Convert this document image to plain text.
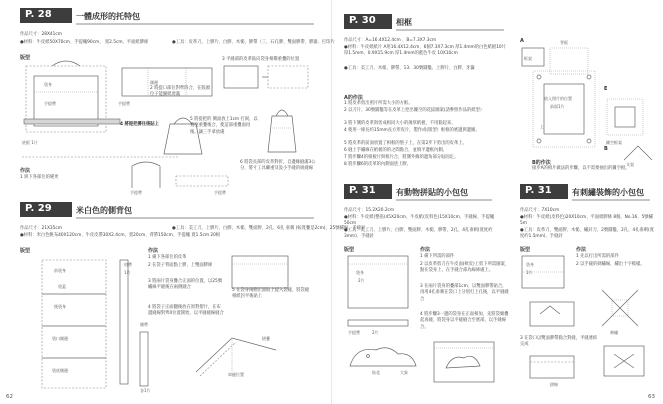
P. 28	一體成形的托特包
作品尺寸：28X41cm
●材料：牛皮紙50X70cm、手提繩90cm、 寬2.5cm、平面紙膠條	●工具：皮革刀、上膠片、白膠、木槌、膠帶（三、石孔膠、雙面膠帶、膠器、打印片
版型
袋身
手提帶
側邊
手提帶
底板 1片
4 將提把撐住後貼上
5 將提把的 側面放上1cm 打洞，以寬度重疊後合，使這部重疊面再後，讓三手拿放處
作法
1 與下各部位的變更
2 將提口部位對準四合，在版頭位子能圖紙剪滿
3 平縫部的皮革貼向袋身相鄰重疊的位置
手提帶
6 將袋長部的皮革對折，自邊緣縫滿3公分，將寸工具繼重及設小手縫的組縫線
手提帶
P. 29	米白色的側背包
作品尺寸：21X35cm
●材料：米白色帆布40X120cm、牛皮皮帶30X2.4cm、寬20cm、背帶150cm、手提繩 寬1.5cm 20根
●工具：美工刀、上膠片、白膠、木槌、雙面膠、2孔、6孔 垂刺 (較寬疊是2cm)、25號繡線、手縫針
版型
前袋身
袋蓋
後袋身
袋口側邊
袋底側邊
肩帶
1片
側帶
各1片
作法
1 備下各部位的皮革
2 在袋子背面點上膠，上雙面膠條
3 將兩片袋身疊合正面的位置，以25號繡線平縫後在兩側縫合
4 將袋子正面翻後放在原對摺片，在布邊縫線對齊0位置開始，以平縫縫線縫合
5 在袋身兩側正面貼上提入袋縫，將袋縫相紙封平後貼上
車縫位置
摺疊
62
P. 30	相框
作品尺寸：A=16.4X12.4cm 、B=7.3X7.3cm
●材料：牛皮紙紙片 A用16.4X12.4cm、6個7.3X7.3cm 厚1.4mm的白色紙板10片 厚1.5mm、0.9X15.9cm 厚1.4mm的藍色牛皮 10X10cm
●工具：美工刀、木槌、膠帶、13．30號圓鑿、上膠片、白膠、牙籤
A的作法
1 將皮革剪出照片所需大小的方框。
2 以刀片、30號圓鑿等在皮革上挖出鏤空的花紋圖案(請參照作品的紙型）
3 將下側的皮革與剪成相同大小的薄厚紙板，不用黏起來。
4 使用一條長約15mm長方形皮片，製作成(版型）框框的底邊與邊圖。
5 將皮革的前面放置了相框的墊子上，在第2步下剪出的皮革上。
6 縫上手繡線在紙板的的之間黏合，並填平邊框內側。
7 將步驟4的相板片與框片合，將側外緣的邊角部分貼固定。
8 將步驟6的皮革的內側面塗上膠。
A
框架
背板
放入照片的位置
前面1片
上
E
鏤空框架
B
支架
B的作法
接步A的相片做法的步驟，以不需要抽出的鏤空板。
P. 31	有動物拼貼的小包包
作品尺寸：15.2X20.2cm
●材料：牛皮紙(整張)45X20cm、牛皮紙(皮料色)15X10cm、手縫線、手提繩50cm
●工具：美工刀、上膠片、白膠、雙面膠、木槌、膠帶、2孔、4孔垂刺(寬度約3mm)、手縫針
版型
袋身
2片
手提帶	2片
貼花	大象
作法
1 備下所需的部件
2 以皮革剪刀在牛皮面(軟皮)上剪下所需圖案，點在袋身上，在手縫合部為線條處上。
3 在兩片袋身的疊部1cm，以雙面膠帶貼合，再用4孔垂刺在袋口上分別打上孔後，以平縫縫合
4 將步驟3一邊的袋身在正面相加，先將袋翼疊起再縫，將袋身以平縫縫合至底部，以手縫線合。
P. 31	有刺繡裝飾的小包包
作品尺寸：7X10cm
●材料：牛皮紙(皮料色)20X10cm、平面紙膠條 8個、No.16、5號繡 5m
●工具：皮革刀、雙面膠、木槌、繡針刀、2號圓鑿、2孔、4孔垂刺(寬度約1.5mm)、手縫針
版型
袋身
1片
作法
1 先以打出所需的部件
2 以手縫的刺繡線，繡出十字模樣。
刺繡
3 在袋口以雙面膠帶黏合對縫，平縫連結完成
摺線
63
